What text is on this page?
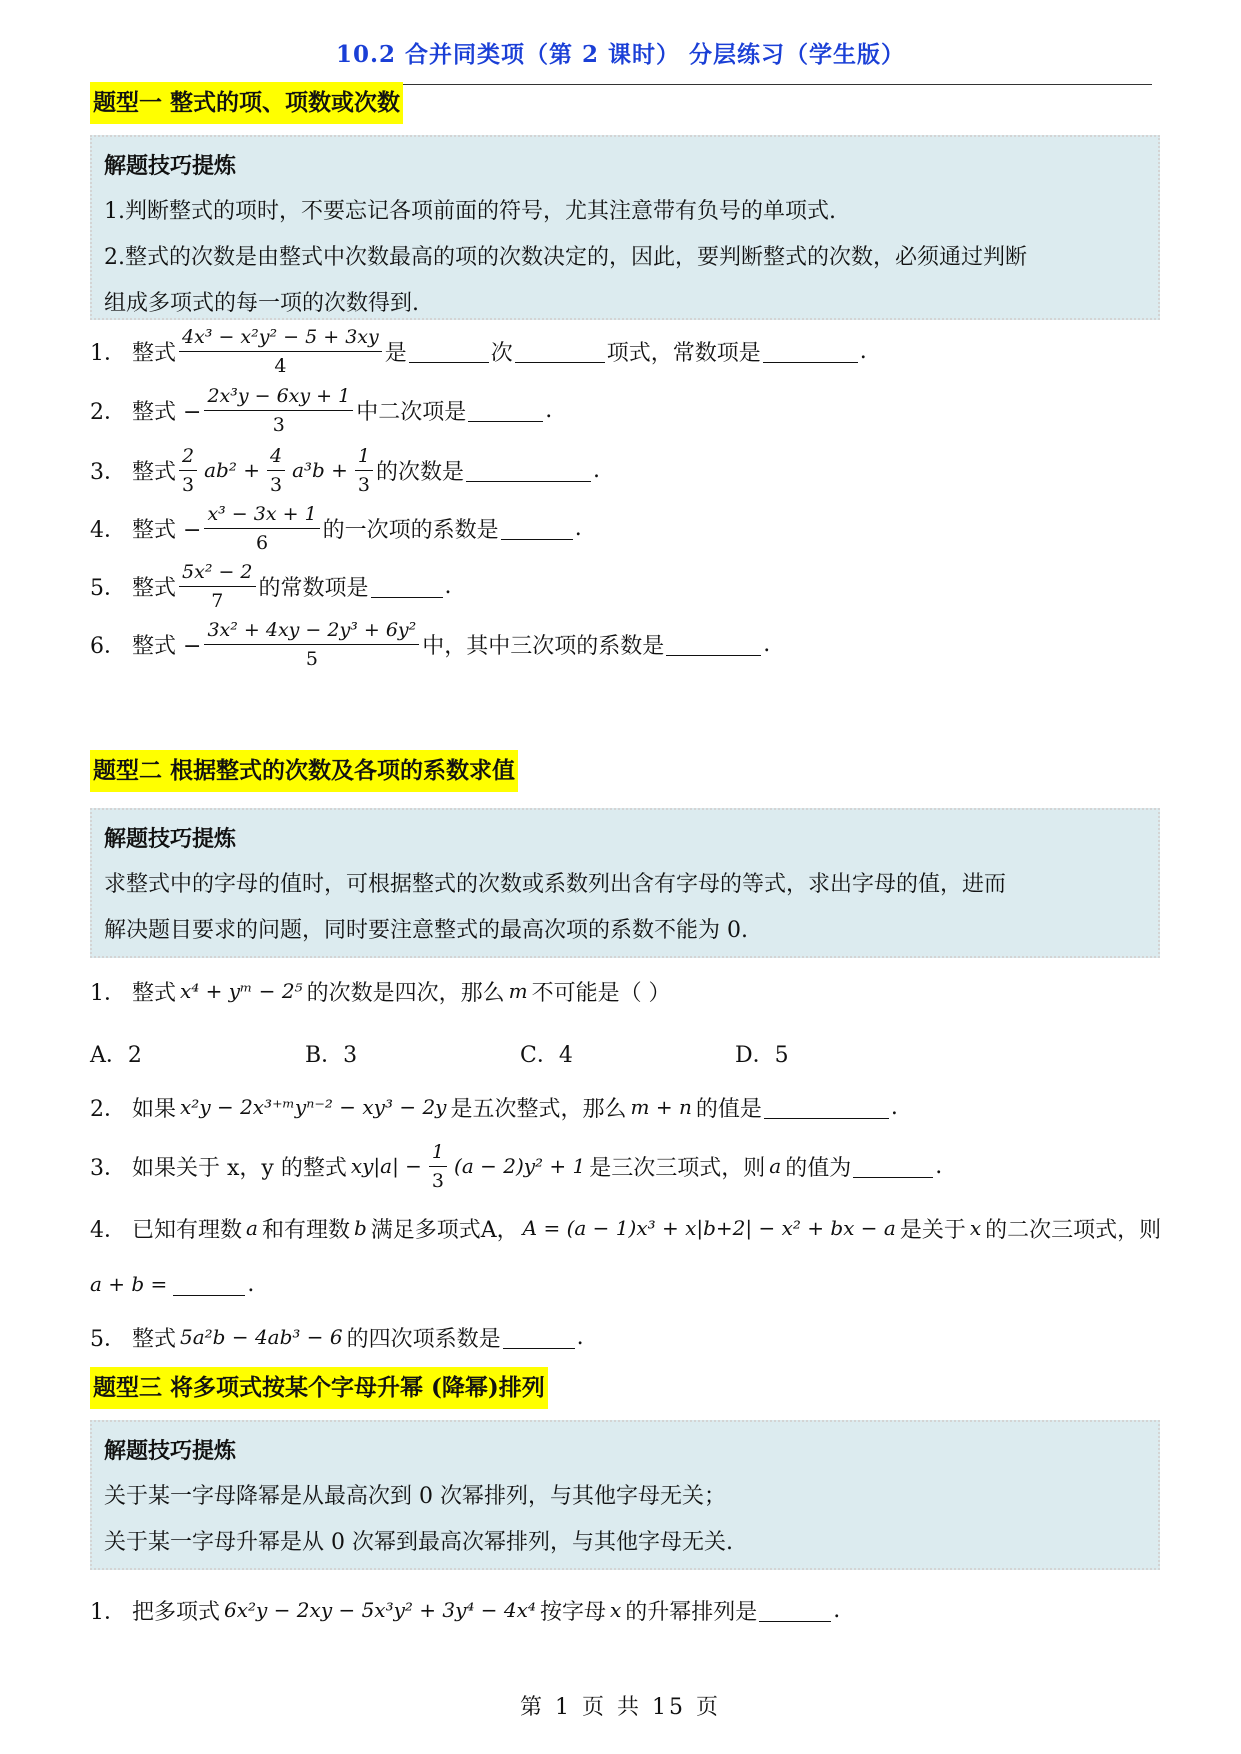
10.2 合并同类项（第 2 课时） 分层练习（学生版）
题型一 整式的项、项数或次数
解题技巧提炼
1.判断整式的项时，不要忘记各项前面的符号，尤其注意带有负号的单项式.
2.整式的次数是由整式中次数最高的项的次数决定的，因此，要判断整式的次数，必须通过判断
组成多项式的每一项的次数得到.
1． 整式 $\frac{\text{4x³ − x²y² − 5 + 3xy}}{4}$ 是	次	项式，常数项是	.
2． 整式 − $\frac{\text{2x³y − 6xy + 1}}{3}$ 中二次项是	.
3． 整式 $\frac{2}{3} ab^2 + \frac{4}{3} a^3b + \frac{1}{3}$ 的次数是	.
4． 整式 − $\frac{\text{x³ − 3x + 1}}{6}$ 的一次项的系数是	.
5． 整式 $\frac{\text{5x² − 2}}{7}$ 的常数项是	.
6． 整式 − $\frac{\text{3x² + 4xy − 2y³ + 6y²}}{5}$ 中，其中三次项的系数是	.
题型二 根据整式的次数及各项的系数求值
解题技巧提炼
求整式中的字母的值时，可根据整式的次数或系数列出含有字母的等式，求出字母的值，进而
解决题目要求的问题，同时要注意整式的最高次项的系数不能为 0.
1． 整式 x⁴ + yᵐ − 2⁵ 的次数是四次，那么 m 不可能是（ ）
A．2	B．3	C．4	D．5
2． 如果 x²y − 2x³⁺ᵐyⁿ⁻² − xy³ − 2y 是五次整式，那么 m + n 的值是	.
3． 如果关于 x，y 的整式 $xy|a| - \frac{1}{3} (a - 2)y^2 + 1$ 是三次三项式，则 a 的值为	.
4． 已知有理数 a 和有理数 b 满足多项式A， A = (a − 1)x³ + x|b+2| − x² + bx − a 是关于 x 的二次三项式，则
a + b =	.
5． 整式 5a²b − 4ab³ − 6 的四次项系数是	.
题型三 将多项式按某个字母升幂 (降幂)排列
解题技巧提炼
关于某一字母降幂是从最高次到 0 次幂排列，与其他字母无关；
关于某一字母升幂是从 0 次幂到最高次幂排列，与其他字母无关.
1． 把多项式 6x²y − 2xy − 5x³y² + 3y⁴ − 4x⁴ 按字母 x 的升幂排列是	.
第 1 页 共 15 页
